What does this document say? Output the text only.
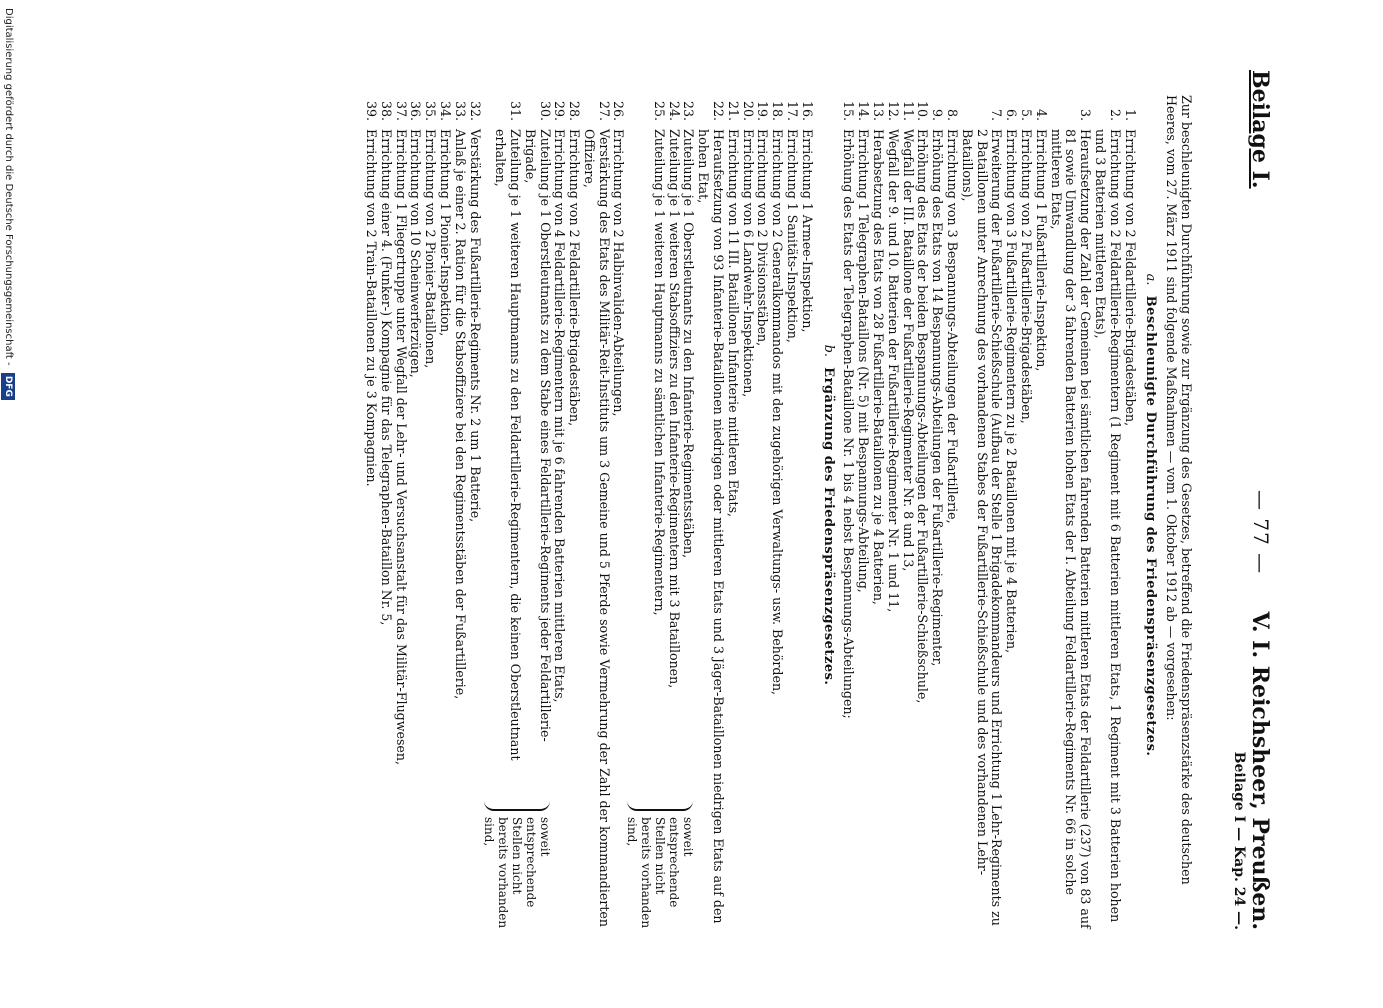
Beilage I.
— 77 —
V. I. Reichsheer, Preußen.
Beilage I — Kap. 24 —.

Zur beschleunigten Durchführung sowie zur Ergänzung des Gesetzes, betreffend die Friedenspräsenzstärke des deutschen Heeres, vom 27. März 1911 sind folgende Maßnahmen — vom 1. Oktober 1912 ab — vorgesehen:

a. Beschleunigte Durchführung des Friedenspräsenzgesetzes.
1.
Errichtung von 2 Feldartillerie-Brigadestäben,
2.
Errichtung von 2 Feldartillerie-Regimentern (1 Regiment mit 6 Batterien mittleren Etats, 1 Regiment mit 3 Batterien hohen und 3 Batterien mittleren Etats),
3.
Heraufsetzung der Zahl der Gemeinen bei sämtlichen fahrenden Batterien mittleren Etats der Feldartillerie (237) von 83 auf 81 sowie Umwandlung der 3 fahrenden Batterien hohen Etats der I. Abteilung Feldartillerie-Regiments Nr. 66 in solche mittleren Etats,
4.
Errichtung 1 Fußartillerie-Inspektion,
5.
Errichtung von 2 Fußartillerie-Brigadestäben,
6.
Errichtung von 3 Fußartillerie-Regimentern zu je 2 Bataillonen mit je 4 Batterien,
7.
Erweiterung der Fußartillerie-Schießschule (Aufbau der Stelle 1 Brigadekommandeurs und Errichtung 1 Lehr-Regiments zu 2 Bataillonen unter Anrechnung des vorhandenen Stabes der Fußartillerie-Schießschule und des vorhandenen Lehr-Bataillons),
8.
Errichtung von 3 Bespannungs-Abteilungen der Fußartillerie,
9.
Erhöhung des Etats von 14 Bespannungs-Abteilungen der Fußartillerie-Regimenter,
10.
Erhöhung des Etats der beiden Bespannungs-Abteilungen der Fußartillerie-Schießschule,
11.
Wegfall der III. Bataillone der Fußartillerie-Regimenter Nr. 8 und 13,
12.
Wegfall der 9. und 10. Batterien der Fußartillerie-Regimenter Nr. 1 und 11,
13.
Herabsetzung des Etats von 28 Fußartillerie-Bataillonen zu je 4 Batterien,
14.
Errichtung 1 Telegraphen-Bataillons (Nr. 5) mit Bespannungs-Abteilung,
15.
Erhöhung des Etats der Telegraphen-Bataillone Nr. 1 bis 4 nebst Bespannungs-Abteilungen;
b. Ergänzung des Friedenspräsenzgesetzes.
16.
Errichtung 1 Armee-Inspektion,
17.
Errichtung 1 Sanitäts-Inspektion,
18.
Errichtung von 2 Generalkommandos mit den zugehörigen Verwaltungs- usw. Behörden,
19.
Errichtung von 2 Divisionsstäben,
20.
Errichtung von 6 Landwehr-Inspektionen,
21.
Errichtung von 11 III. Bataillonen Infanterie mittleren Etats,
22.
Heraufsetzung von 93 Infanterie-Bataillonen niedrigen oder mittleren Etats und 3 Jäger-Bataillonen niedrigen Etats auf den hohen Etat,
23.
Zuteilung je 1 Oberstleutnants zu den Infanterie-Regimentsstäben,
24.
Zuteilung je 1 weiteren Stabsoffiziers zu den Infanterie-Regimentern mit 3 Bataillonen,
25.
Zuteilung je 1 weiteren Hauptmanns zu sämtlichen Infanterie-Regimentern,
soweit entsprechende Stellen nicht bereits vorhanden sind,
26.
Errichtung von 2 Halbinvaliden-Abteilungen,
27.
Verstärkung des Etats des Militär-Reit-Instituts um 3 Gemeine und 5 Pferde sowie Vermehrung der Zahl der kommandierten Offiziere,
28.
Errichtung von 2 Feldartillerie-Brigadestäben,
29.
Errichtung von 4 Feldartillerie-Regimentern mit je 6 fahrenden Batterien mittleren Etats,
30.
Zuteilung je 1 Oberstleutnants zu dem Stabe eines Feldartillerie-Regiments jeder Feldartillerie-Brigade,
31.
Zuteilung je 1 weiteren Hauptmanns zu den Feldartillerie-Regimentern, die keinen Oberstleutnant erhalten,
soweit entsprechende Stellen nicht bereits vorhanden sind,
32.
Verstärkung des Fußartillerie-Regiments Nr. 2 um 1 Batterie,
33.
Anlaß je einer 2. Ration für die Stabsoffiziere bei den Regimentsstäben der Fußartillerie,
34.
Errichtung 1 Pionier-Inspektion,
35.
Errichtung von 2 Pionier-Bataillonen,
36.
Errichtung von 10 Scheinwerferzügen,
37.
Errichtung 1 Fliegertruppe unter Wegfall der Lehr- und Versuchsanstalt für das Militär-Flugwesen,
38.
Errichtung einer 4. (Funker-) Kompagnie für das Telegraphen-Bataillon Nr. 5,
39.
Errichtung von 2 Train-Bataillonen zu je 3 Kompagnien.
Digitalisierung gefördert durch die Deutsche Forschungsgemeinschaft - DFG
